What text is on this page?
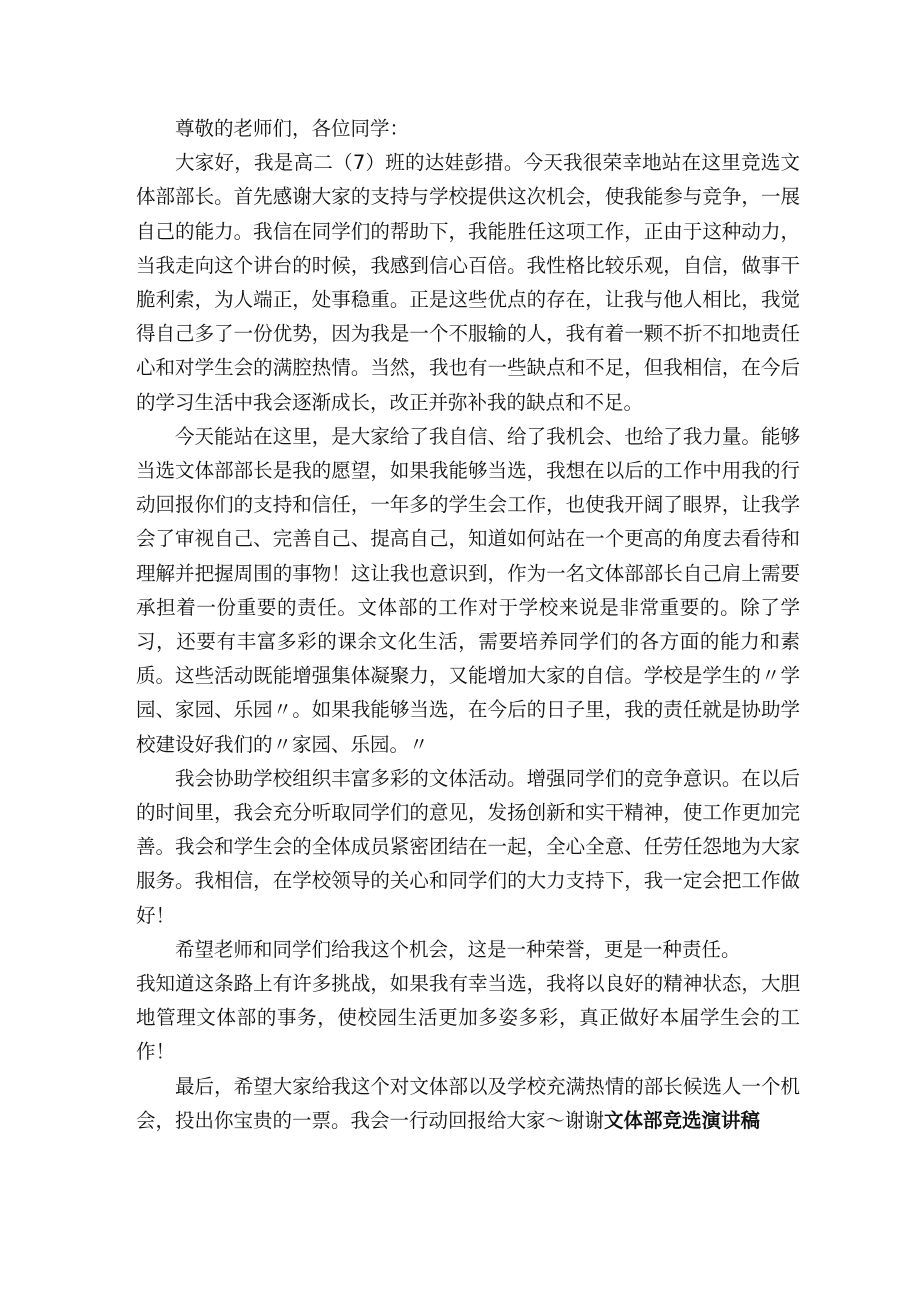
尊敬的老师们，各位同学：

大家好，我是高二（7）班的达娃彭措。今天我很荣幸地站在这里竞选文体部部长。首先感谢大家的支持与学校提供这次机会，使我能参与竞争，一展自己的能力。我信在同学们的帮助下，我能胜任这项工作，正由于这种动力，当我走向这个讲台的时候，我感到信心百倍。我性格比较乐观，自信，做事干脆利索，为人端正，处事稳重。正是这些优点的存在，让我与他人相比，我觉得自己多了一份优势，因为我是一个不服输的人，我有着一颗不折不扣地责任心和对学生会的满腔热情。当然，我也有一些缺点和不足，但我相信，在今后的学习生活中我会逐渐成长，改正并弥补我的缺点和不足。

今天能站在这里，是大家给了我自信、给了我机会、也给了我力量。能够当选文体部部长是我的愿望，如果我能够当选，我想在以后的工作中用我的行动回报你们的支持和信任，一年多的学生会工作，也使我开阔了眼界，让我学会了审视自己、完善自己、提高自己，知道如何站在一个更高的角度去看待和理解并把握周围的事物！这让我也意识到，作为一名文体部部长自己肩上需要承担着一份重要的责任。文体部的工作对于学校来说是非常重要的。除了学习，还要有丰富多彩的课余文化生活，需要培养同学们的各方面的能力和素质。这些活动既能增强集体凝聚力，又能增加大家的自信。学校是学生的〃学园、家园、乐园〃。如果我能够当选，在今后的日子里，我的责任就是协助学校建设好我们的〃家园、乐园。〃

我会协助学校组织丰富多彩的文体活动。增强同学们的竞争意识。在以后的时间里，我会充分听取同学们的意见，发扬创新和实干精神，使工作更加完善。我会和学生会的全体成员紧密团结在一起，全心全意、任劳任怨地为大家服务。我相信，在学校领导的关心和同学们的大力支持下，我一定会把工作做好！

希望老师和同学们给我这个机会，这是一种荣誉，更是一种责任。

我知道这条路上有许多挑战，如果我有幸当选，我将以良好的精神状态，大胆地管理文体部的事务，使校园生活更加多姿多彩，真正做好本届学生会的工作！

最后，希望大家给我这个对文体部以及学校充满热情的部长候选人一个机会，投出你宝贵的一票。我会一行动回报给大家～谢谢文体部竞选演讲稿
